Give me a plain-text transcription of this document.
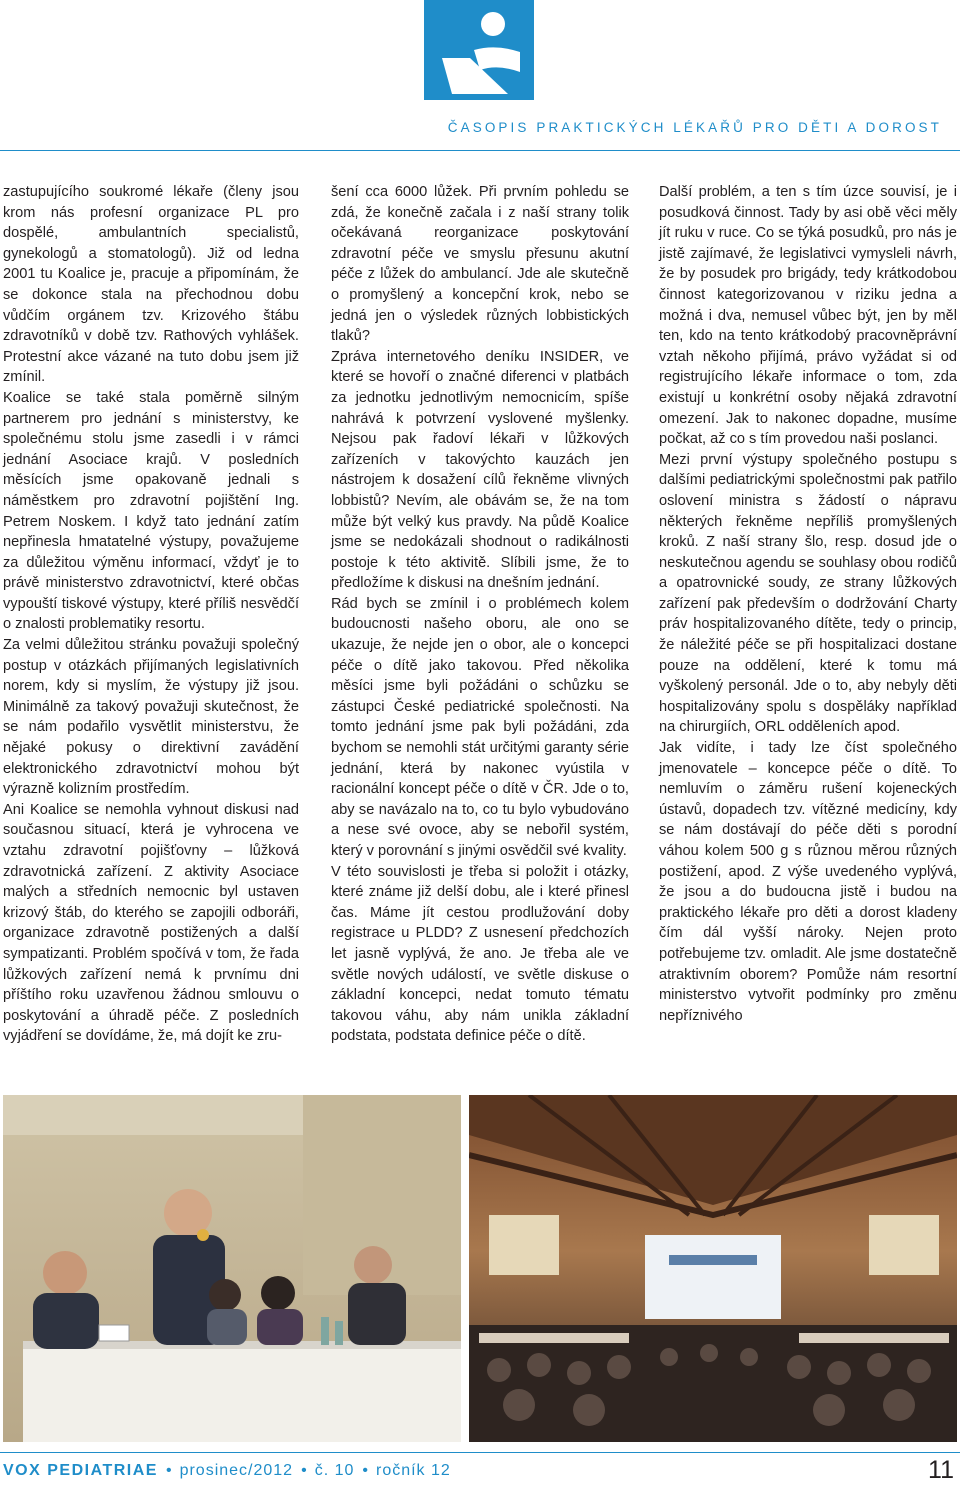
ČASOPIS PRAKTICKÝCH LÉKAŘŮ PRO DĚTI A DOROST

zastupujícího soukromé lékaře (členy jsou krom nás profesní organizace PL pro dospělé, ambulantních specialistů, gynekologů a stomatologů). Již od ledna 2001 tu Koalice je, pracuje a připomínám, že se dokonce stala na přechodnou dobu vůdčím orgánem tzv. Krizového štábu zdravotníků v době tzv. Rathových vyhlášek. Protestní akce vázané na tuto dobu jsem již zmínil.

Koalice se také stala poměrně silným partnerem pro jednání s ministerstvy, ke společnému stolu jsme zasedli i v rámci jednání Asociace krajů. V posledních měsících jsme opakovaně jednali s náměstkem pro zdravotní pojištění Ing. Petrem Noskem. I když tato jednání zatím nepřinesla hmatatelné výstupy, považujeme za důležitou výměnu informací, vždyť je to právě ministerstvo zdravotnictví, které občas vypouští tiskové výstupy, které příliš nesvědčí o znalosti problematiky resortu.

Za velmi důležitou stránku považuji společný postup v otázkách přijímaných legislativních norem, kdy si myslím, že výstupy již jsou. Minimálně za takový považuji skutečnost, že se nám podařilo vysvětlit ministerstvu, že nějaké pokusy o direktivní zavádění elektronického zdravotnictví mohou být výrazně kolizním prostředím.

Ani Koalice se nemohla vyhnout diskusi nad současnou situací, která je vyhrocena ve vztahu zdravotní pojišťovny – lůžková zdravotnická zařízení. Z aktivity Asociace malých a středních nemocnic byl ustaven krizový štáb, do kterého se zapojili odboráři, organizace zdravotně postižených a další sympatizanti. Problém spočívá v tom, že řada lůžkových zařízení nemá k prvnímu dni příštího roku uzavřenou žádnou smlouvu o poskytování a úhradě péče. Z posledních vyjádření se dovídáme, že, má dojít ke zru-

šení cca 6000 lůžek. Při prvním pohledu se zdá, že konečně začala i z naší strany tolik očekávaná reorganizace poskytování zdravotní péče ve smyslu přesunu akutní péče z lůžek do ambulancí. Jde ale skutečně o promyšlený a koncepční krok, nebo se jedná jen o výsledek různých lobbistických tlaků?

Zpráva internetového deníku INSIDER, ve které se hovoří o značné diferenci v platbách za jednotku jednotlivým nemocnicím, spíše nahrává k potvrzení vyslovené myšlenky. Nejsou pak řadoví lékaři v lůžkových zařízeních v takovýchto kauzách jen nástrojem k dosažení cílů řekněme vlivných lobbistů? Nevím, ale obávám se, že na tom může být velký kus pravdy. Na půdě Koalice jsme se nedokázali shodnout o radikálnosti postoje k této aktivitě. Slíbili jsme, že to předložíme k diskusi na dnešním jednání.

Rád bych se zmínil i o problémech kolem budoucnosti našeho oboru, ale ono se ukazuje, že nejde jen o obor, ale o koncepci péče o dítě jako takovou. Před několika měsíci jsme byli požádáni o schůzku se zástupci České pediatrické společnosti. Na tomto jednání jsme pak byli požádáni, zda bychom se nemohli stát určitými garanty série jednání, která by nakonec vyústila v racionální koncept péče o dítě v ČR. Jde o to, aby se navázalo na to, co tu bylo vybudováno a nese své ovoce, aby se nebořil systém, který v porovnání s jinými osvědčil své kvality.

V této souvislosti je třeba si položit i otázky, které známe již delší dobu, ale i které přinesl čas. Máme jít cestou prodlužování doby registrace u PLDD? Z usnesení předchozích let jasně vyplývá, že ano. Je třeba ale ve světle nových událostí, ve světle diskuse o základní koncepci, nedat tomuto tématu takovou váhu, aby nám unikla základní podstata, podstata definice péče o dítě.

Další problém, a ten s tím úzce souvisí, je i posudková činnost. Tady by asi obě věci měly jít ruku v ruce. Co se týká posudků, pro nás je jistě zajímavé, že legislativci vymysleli návrh, že by posudek pro brigády, tedy krátkodobou činnost kategorizovanou v riziku jedna a možná i dva, nemusel vůbec být, jen by měl ten, kdo na tento krátkodobý pracovněprávní vztah někoho přijímá, právo vyžádat si od registrujícího lékaře informace o tom, zda existují u konkrétní osoby nějaká zdravotní omezení. Jak to nakonec dopadne, musíme počkat, až co s tím provedou naši poslanci.

Mezi první výstupy společného postupu s dalšími pediatrickými společnostmi pak patřilo oslovení ministra s žádostí o nápravu některých řekněme nepříliš promyšlených kroků. Z naší strany šlo, resp. dosud jde o neskutečnou agendu se souhlasy obou rodičů a opatrovnické soudy, ze strany lůžkových zařízení pak především o dodržování Charty práv hospitalizovaného dítěte, tedy o princip, že náležité péče se při hospitalizaci dostane pouze na oddělení, které k tomu má vyškolený personál. Jde o to, aby nebyly děti hospitalizovány spolu s dospěláky například na chirurgiích, ORL odděleních apod.

Jak vidíte, i tady lze číst společného jmenovatele – koncepce péče o dítě. To nemluvím o záměru rušení kojeneckých ústavů, dopadech tzv. vítězné medicíny, kdy se nám dostávají do péče děti s porodní váhou kolem 500 g s různou měrou různých postižení, apod. Z výše uvedeného vyplývá, že jsou a do budoucna jistě i budou na praktického lékaře pro děti a dorost kladeny čím dál vyšší nároky. Nejen proto potřebujeme tzv. omladit. Ale jsme dostatečně atraktivním oborem? Pomůže nám resortní ministerstvo vytvořit podmínky pro změnu nepříznivého

VOX PEDIATRIAE • prosinec/2012 • č. 10 • ročník 12	11
